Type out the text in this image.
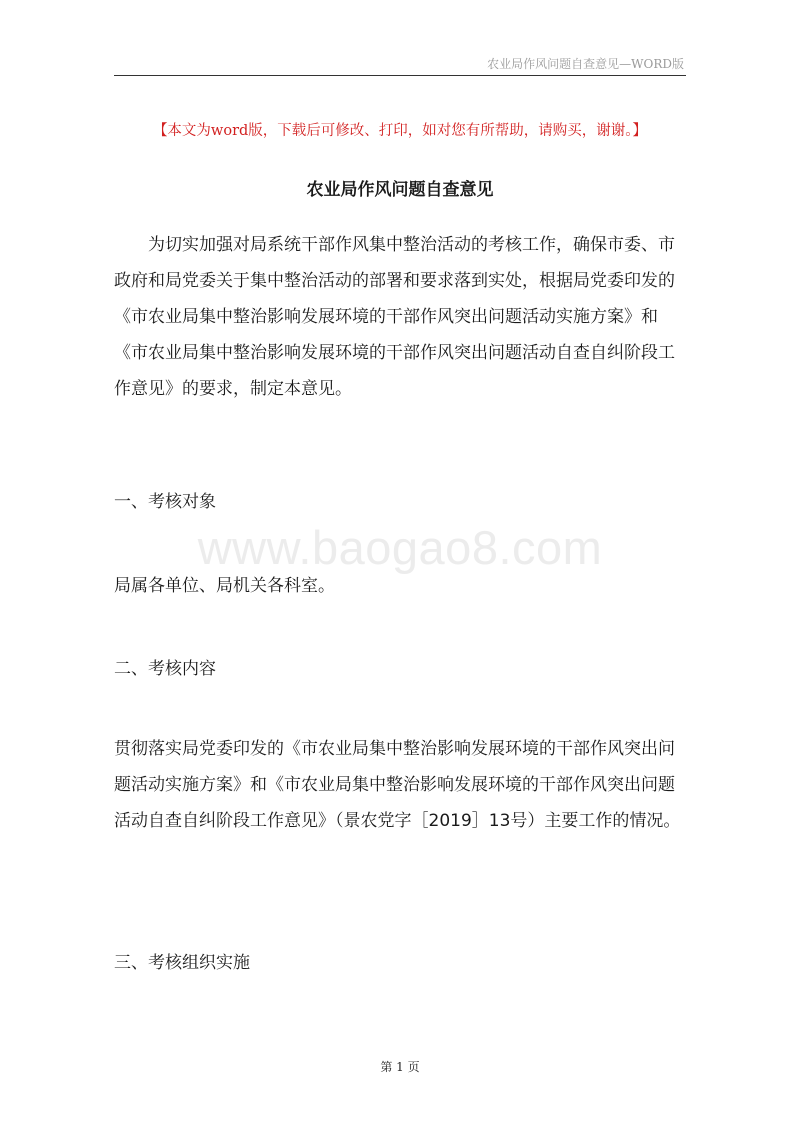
农业局作风问题自查意见—WORD版
【本文为word版，下载后可修改、打印，如对您有所帮助，请购买，谢谢。】
农业局作风问题自查意见

为切实加强对局系统干部作风集中整治活动的考核工作，确保市委、市政府和局党委关于集中整治活动的部署和要求落到实处，根据局党委印发的《市农业局集中整治影响发展环境的干部作风突出问题活动实施方案》和《市农业局集中整治影响发展环境的干部作风突出问题活动自查自纠阶段工作意见》的要求，制定本意见。

一、考核对象
www.baogao8.com

局属各单位、局机关各科室。

二、考核内容

贯彻落实局党委印发的《市农业局集中整治影响发展环境的干部作风突出问题活动实施方案》和《市农业局集中整治影响发展环境的干部作风突出问题活动自查自纠阶段工作意见》（景农党字［2019］13号）主要工作的情况。

三、考核组织实施
第 1 页
